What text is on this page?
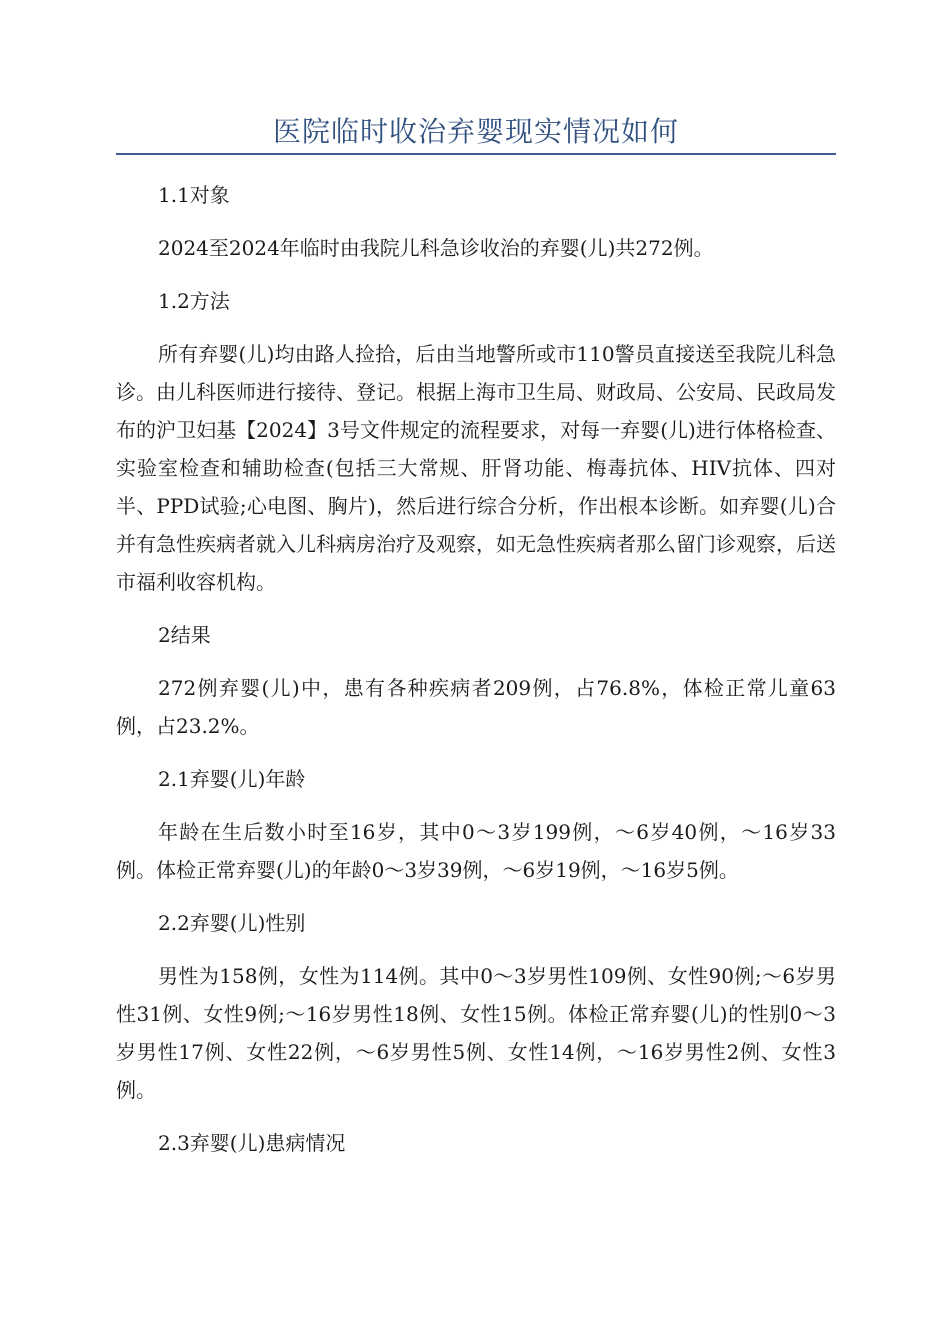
医院临时收治弃婴现实情况如何

1.1对象

2024至2024年临时由我院儿科急诊收治的弃婴(儿)共272例。

1.2方法

所有弃婴(儿)均由路人捡拾，后由当地警所或市110警员直接送至我院儿科急诊。由儿科医师进行接待、登记。根据上海市卫生局、财政局、公安局、民政局发布的沪卫妇基【2024】3号文件规定的流程要求，对每一弃婴(儿)进行体格检查、实验室检查和辅助检查(包括三大常规、肝肾功能、梅毒抗体、HIV抗体、四对半、PPD试验;心电图、胸片)，然后进行综合分析，作出根本诊断。如弃婴(儿)合并有急性疾病者就入儿科病房治疗及观察，如无急性疾病者那么留门诊观察，后送市福利收容机构。

2结果

272例弃婴(儿)中，患有各种疾病者209例，占76.8%，体检正常儿童63例，占23.2%。

2.1弃婴(儿)年龄

年龄在生后数小时至16岁，其中0～3岁199例，～6岁40例，～16岁33例。体检正常弃婴(儿)的年龄0～3岁39例，～6岁19例，～16岁5例。

2.2弃婴(儿)性别

男性为158例，女性为114例。其中0～3岁男性109例、女性90例;～6岁男性31例、女性9例;～16岁男性18例、女性15例。体检正常弃婴(儿)的性别0～3岁男性17例、女性22例，～6岁男性5例、女性14例，～16岁男性2例、女性3例。

2.3弃婴(儿)患病情况
